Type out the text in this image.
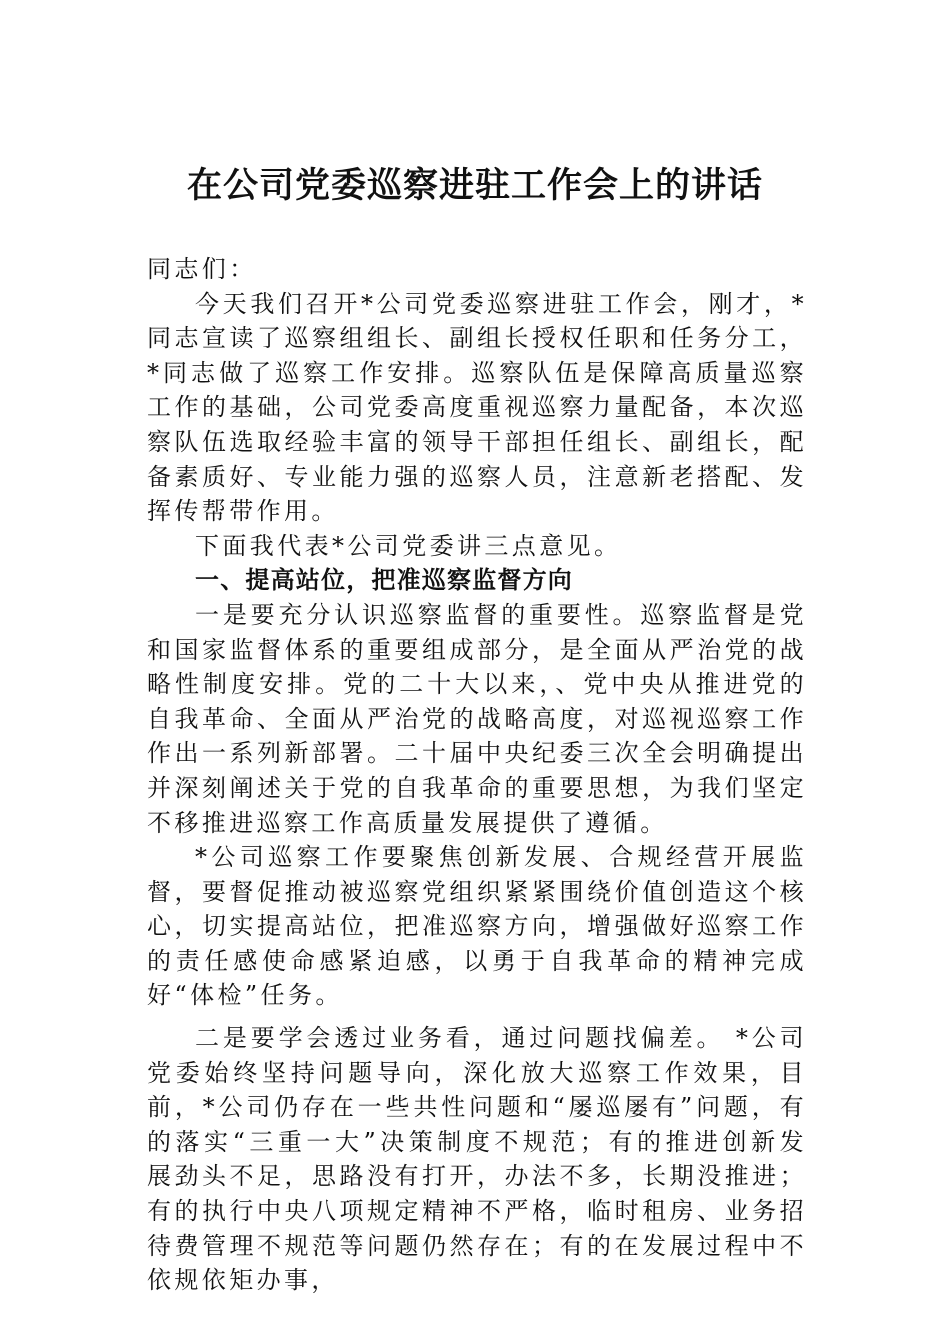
在公司党委巡察进驻工作会上的讲话

同志们：

今天我们召开*公司党委巡察进驻工作会，刚才，*同志宣读了巡察组组长、副组长授权任职和任务分工，*同志做了巡察工作安排。巡察队伍是保障高质量巡察工作的基础，公司党委高度重视巡察力量配备，本次巡察队伍选取经验丰富的领导干部担任组长、副组长，配备素质好、专业能力强的巡察人员，注意新老搭配、发挥传帮带作用。

下面我代表*公司党委讲三点意见。

一、提高站位，把准巡察监督方向

一是要充分认识巡察监督的重要性。巡察监督是党和国家监督体系的重要组成部分，是全面从严治党的战略性制度安排。党的二十大以来，、党中央从推进党的自我革命、全面从严治党的战略高度，对巡视巡察工作作出一系列新部署。二十届中央纪委三次全会明确提出并深刻阐述关于党的自我革命的重要思想，为我们坚定不移推进巡察工作高质量发展提供了遵循。

*公司巡察工作要聚焦创新发展、合规经营开展监督，要督促推动被巡察党组织紧紧围绕价值创造这个核心，切实提高站位，把准巡察方向，增强做好巡察工作的责任感使命感紧迫感，以勇于自我革命的精神完成好“体检”任务。

二是要学会透过业务看，通过问题找偏差。 *公司党委始终坚持问题导向，深化放大巡察工作效果，目前，*公司仍存在一些共性问题和“屡巡屡有”问题，有的落实“三重一大”决策制度不规范；有的推进创新发展劲头不足，思路没有打开，办法不多，长期没推进；有的执行中央八项规定精神不严格，临时租房、业务招待费管理不规范等问题仍然存在；有的在发展过程中不依规依矩办事，
